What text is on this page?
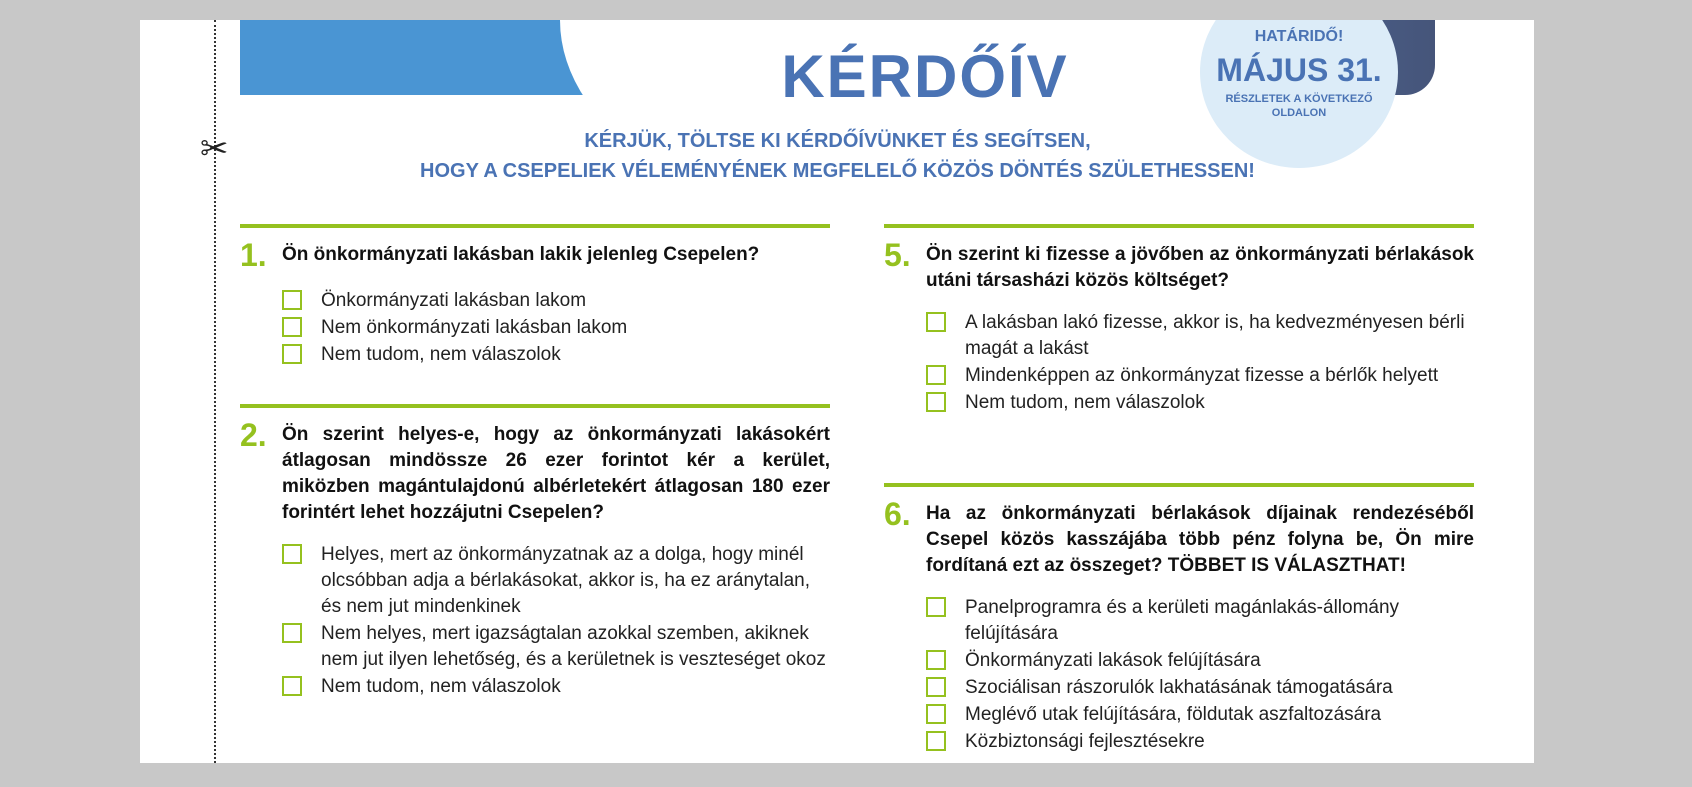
✂
KÉRDŐÍV
HATÁRIDŐ!
MÁJUS 31.
RÉSZLETEK A KÖVETKEZŐ OLDALON
KÉRJÜK, TÖLTSE KI KÉRDŐÍVÜNKET ÉS SEGÍTSEN,
HOGY A CSEPELIEK VÉLEMÉNYÉNEK MEGFELELŐ KÖZÖS DÖNTÉS SZÜLETHESSEN!
1. Ön önkormányzati lakásban lakik jelenleg Csepelen?
Önkormányzati lakásban lakom
Nem önkormányzati lakásban lakom
Nem tudom, nem válaszolok
2. Ön szerint helyes-e, hogy az önkormányzati lakásokért átlagosan mindössze 26 ezer forintot kér a kerület, miközben magántulajdonú albérletekért átlagosan 180 ezer forintért lehet hozzájutni Csepelen?
Helyes, mert az önkormányzatnak az a dolga, hogy minél olcsóbban adja a bérlakásokat, akkor is, ha ez aránytalan, és nem jut mindenkinek
Nem helyes, mert igazságtalan azokkal szemben, akiknek nem jut ilyen lehetőség, és a kerületnek is veszteséget okoz
Nem tudom, nem válaszolok
5. Ön szerint ki fizesse a jövőben az önkormányzati bérlakások utáni társasházi közös költséget?
A lakásban lakó fizesse, akkor is, ha kedvezményesen bérli magát a lakást
Mindenképpen az önkormányzat fizesse a bérlők helyett
Nem tudom, nem válaszolok
6. Ha az önkormányzati bérlakások díjainak rendezéséből Csepel közös kasszájába több pénz folyna be, Ön mire fordítaná ezt az összeget? TÖBBET IS VÁLASZTHAT!
Panelprogramra és a kerületi magánlakás-állomány felújítására
Önkormányzati lakások felújítására
Szociálisan rászorulók lakhatásának támogatására
Meglévő utak felújítására, földutak aszfaltozására
Közbiztonsági fejlesztésekre
